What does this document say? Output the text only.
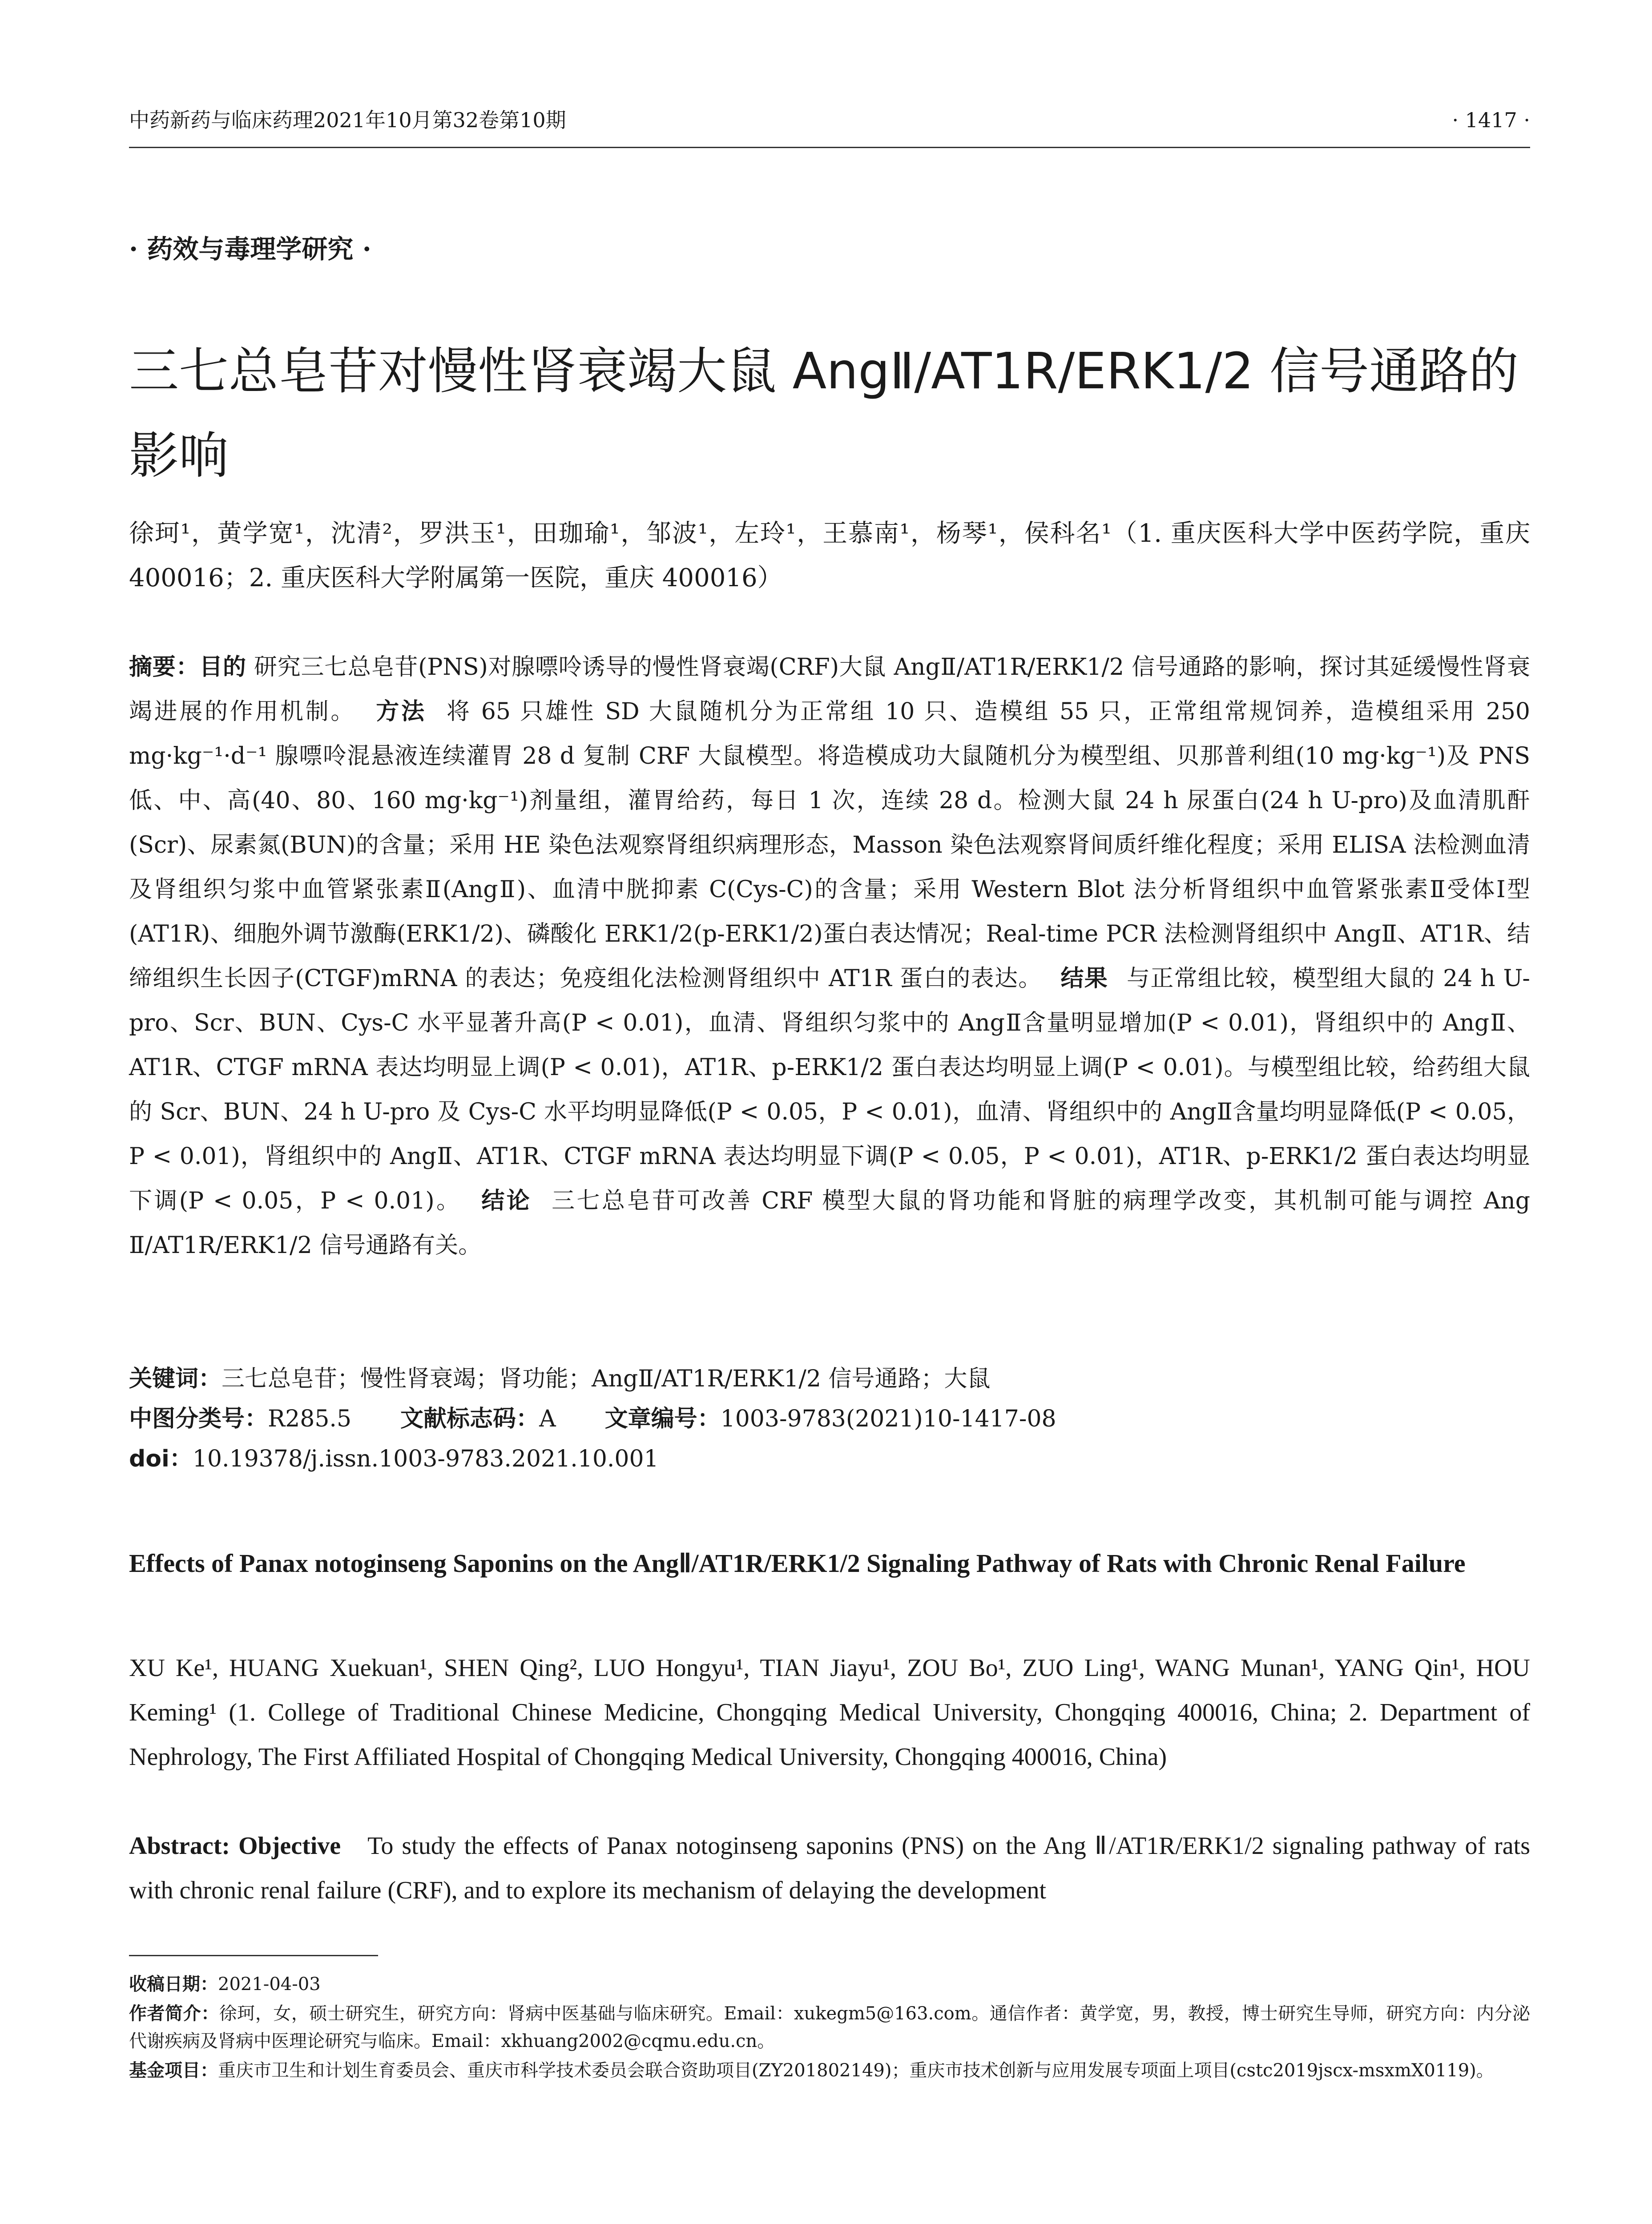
中药新药与临床药理2021年10月第32卷第10期	· 1417 ·
· 药效与毒理学研究 ·
三七总皂苷对慢性肾衰竭大鼠 AngⅡ/AT1R/ERK1/2 信号通路的影响
徐珂¹，黄学宽¹，沈清²，罗洪玉¹，田珈瑜¹，邹波¹，左玲¹，王慕南¹，杨琴¹，侯科名¹（1. 重庆医科大学中医药学院，重庆 400016；2. 重庆医科大学附属第一医院，重庆 400016）
摘要：目的 研究三七总皂苷(PNS)对腺嘌呤诱导的慢性肾衰竭(CRF)大鼠 AngⅡ/AT1R/ERK1/2 信号通路的影响，探讨其延缓慢性肾衰竭进展的作用机制。 方法 将 65 只雄性 SD 大鼠随机分为正常组 10 只、造模组 55 只，正常组常规饲养，造模组采用 250 mg·kg⁻¹·d⁻¹ 腺嘌呤混悬液连续灌胃 28 d 复制 CRF 大鼠模型。将造模成功大鼠随机分为模型组、贝那普利组(10 mg·kg⁻¹)及 PNS 低、中、高(40、80、160 mg·kg⁻¹)剂量组，灌胃给药，每日 1 次，连续 28 d。检测大鼠 24 h 尿蛋白(24 h U-pro)及血清肌酐(Scr)、尿素氮(BUN)的含量；采用 HE 染色法观察肾组织病理形态，Masson 染色法观察肾间质纤维化程度；采用 ELISA 法检测血清及肾组织匀浆中血管紧张素Ⅱ(AngⅡ)、血清中胱抑素 C(Cys-C)的含量；采用 Western Blot 法分析肾组织中血管紧张素Ⅱ受体Ⅰ型(AT1R)、细胞外调节激酶(ERK1/2)、磷酸化 ERK1/2(p-ERK1/2)蛋白表达情况；Real-time PCR 法检测肾组织中 AngⅡ、AT1R、结缔组织生长因子(CTGF)mRNA 的表达；免疫组化法检测肾组织中 AT1R 蛋白的表达。 结果 与正常组比较，模型组大鼠的 24 h U-pro、Scr、BUN、Cys-C 水平显著升高(P < 0.01)，血清、肾组织匀浆中的 AngⅡ含量明显增加(P < 0.01)，肾组织中的 AngⅡ、AT1R、CTGF mRNA 表达均明显上调(P < 0.01)，AT1R、p-ERK1/2 蛋白表达均明显上调(P < 0.01)。与模型组比较，给药组大鼠的 Scr、BUN、24 h U-pro 及 Cys-C 水平均明显降低(P < 0.05，P < 0.01)，血清、肾组织中的 AngⅡ含量均明显降低(P < 0.05，P < 0.01)，肾组织中的 AngⅡ、AT1R、CTGF mRNA 表达均明显下调(P < 0.05，P < 0.01)，AT1R、p-ERK1/2 蛋白表达均明显下调(P < 0.05，P < 0.01)。 结论 三七总皂苷可改善 CRF 模型大鼠的肾功能和肾脏的病理学改变，其机制可能与调控 Ang Ⅱ/AT1R/ERK1/2 信号通路有关。
关键词：三七总皂苷；慢性肾衰竭；肾功能；AngⅡ/AT1R/ERK1/2 信号通路；大鼠
中图分类号：R285.5 文献标志码：A 文章编号：1003-9783(2021)10-1417-08
doi：10.19378/j.issn.1003-9783.2021.10.001
Effects of Panax notoginseng Saponins on the AngⅡ/AT1R/ERK1/2 Signaling Pathway of Rats with Chronic Renal Failure
XU Ke¹, HUANG Xuekuan¹, SHEN Qing², LUO Hongyu¹, TIAN Jiayu¹, ZOU Bo¹, ZUO Ling¹, WANG Munan¹, YANG Qin¹, HOU Keming¹ (1. College of Traditional Chinese Medicine, Chongqing Medical University, Chongqing 400016, China; 2. Department of Nephrology, The First Affiliated Hospital of Chongqing Medical University, Chongqing 400016, China)
Abstract: Objective To study the effects of Panax notoginseng saponins (PNS) on the Ang Ⅱ/AT1R/ERK1/2 signaling pathway of rats with chronic renal failure (CRF), and to explore its mechanism of delaying the development

收稿日期：2021-04-03

作者简介：徐珂，女，硕士研究生，研究方向：肾病中医基础与临床研究。Email：xukegm5@163.com。通信作者：黄学宽，男，教授，博士研究生导师，研究方向：内分泌代谢疾病及肾病中医理论研究与临床。Email：xkhuang2002@cqmu.edu.cn。

基金项目：重庆市卫生和计划生育委员会、重庆市科学技术委员会联合资助项目(ZY201802149)；重庆市技术创新与应用发展专项面上项目(cstc2019jscx-msxmX0119)。
